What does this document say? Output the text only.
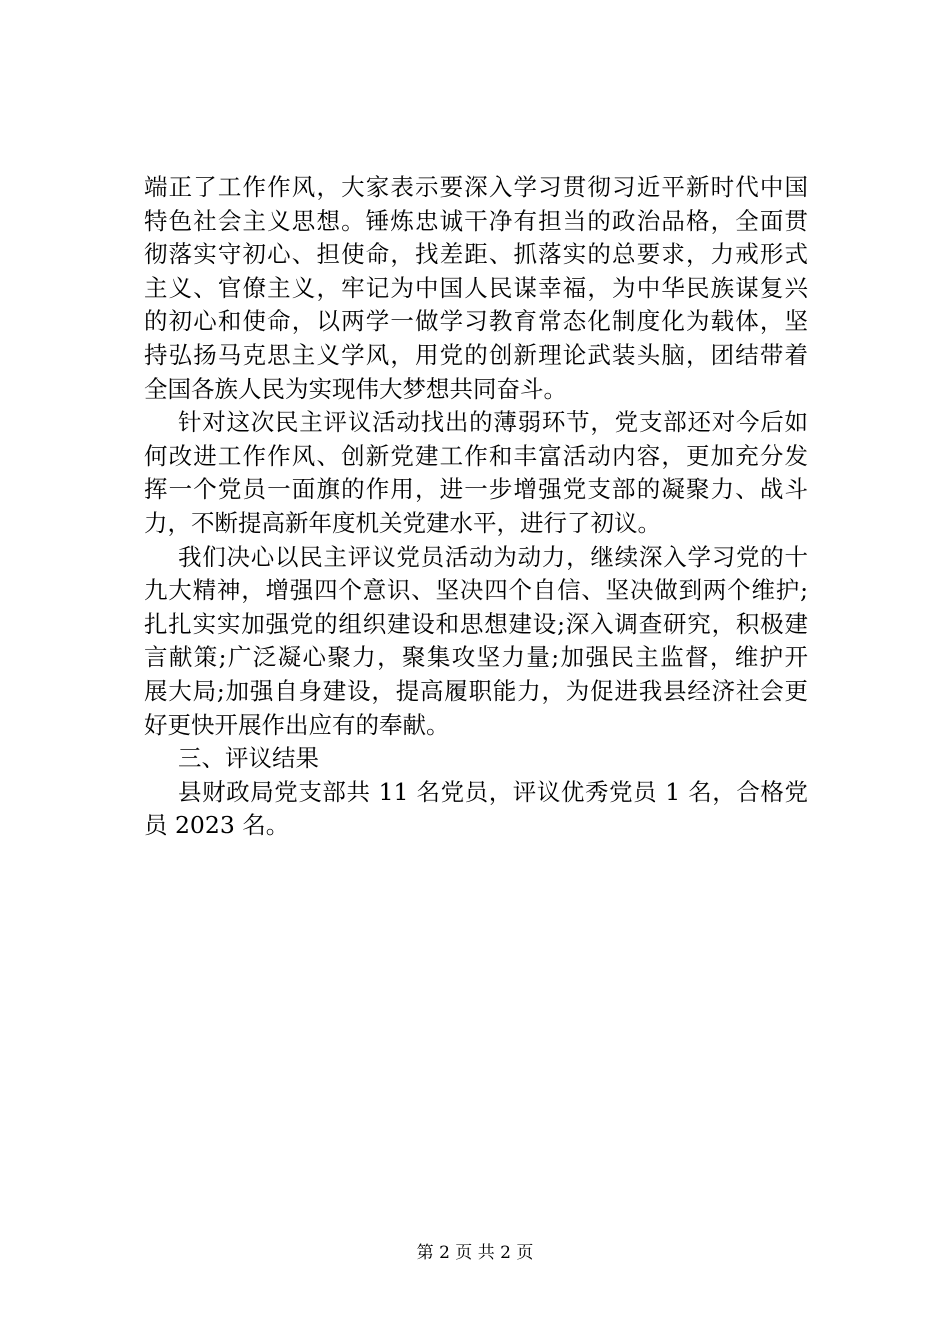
端正了工作作风，大家表示要深入学习贯彻习近平新时代中国
特色社会主义思想。锤炼忠诚干净有担当的政治品格，全面贯
彻落实守初心、担使命，找差距、抓落实的总要求，力戒形式
主义、官僚主义，牢记为中国人民谋幸福，为中华民族谋复兴
的初心和使命，以两学一做学习教育常态化制度化为载体，坚
持弘扬马克思主义学风，用党的创新理论武装头脑，团结带着
全国各族人民为实现伟大梦想共同奋斗。
针对这次民主评议活动找出的薄弱环节，党支部还对今后如
何改进工作作风、创新党建工作和丰富活动内容，更加充分发
挥一个党员一面旗的作用，进一步增强党支部的凝聚力、战斗
力，不断提高新年度机关党建水平，进行了初议。
我们决心以民主评议党员活动为动力，继续深入学习党的十
九大精神，增强四个意识、坚决四个自信、坚决做到两个维护;
扎扎实实加强党的组织建设和思想建设;深入调查研究，积极建
言献策;广泛凝心聚力，聚集攻坚力量;加强民主监督，维护开
展大局;加强自身建设，提高履职能力，为促进我县经济社会更
好更快开展作出应有的奉献。
三、评议结果
县财政局党支部共 11 名党员，评议优秀党员 1 名，合格党
员 2023 名。
第 2 页 共 2 页
